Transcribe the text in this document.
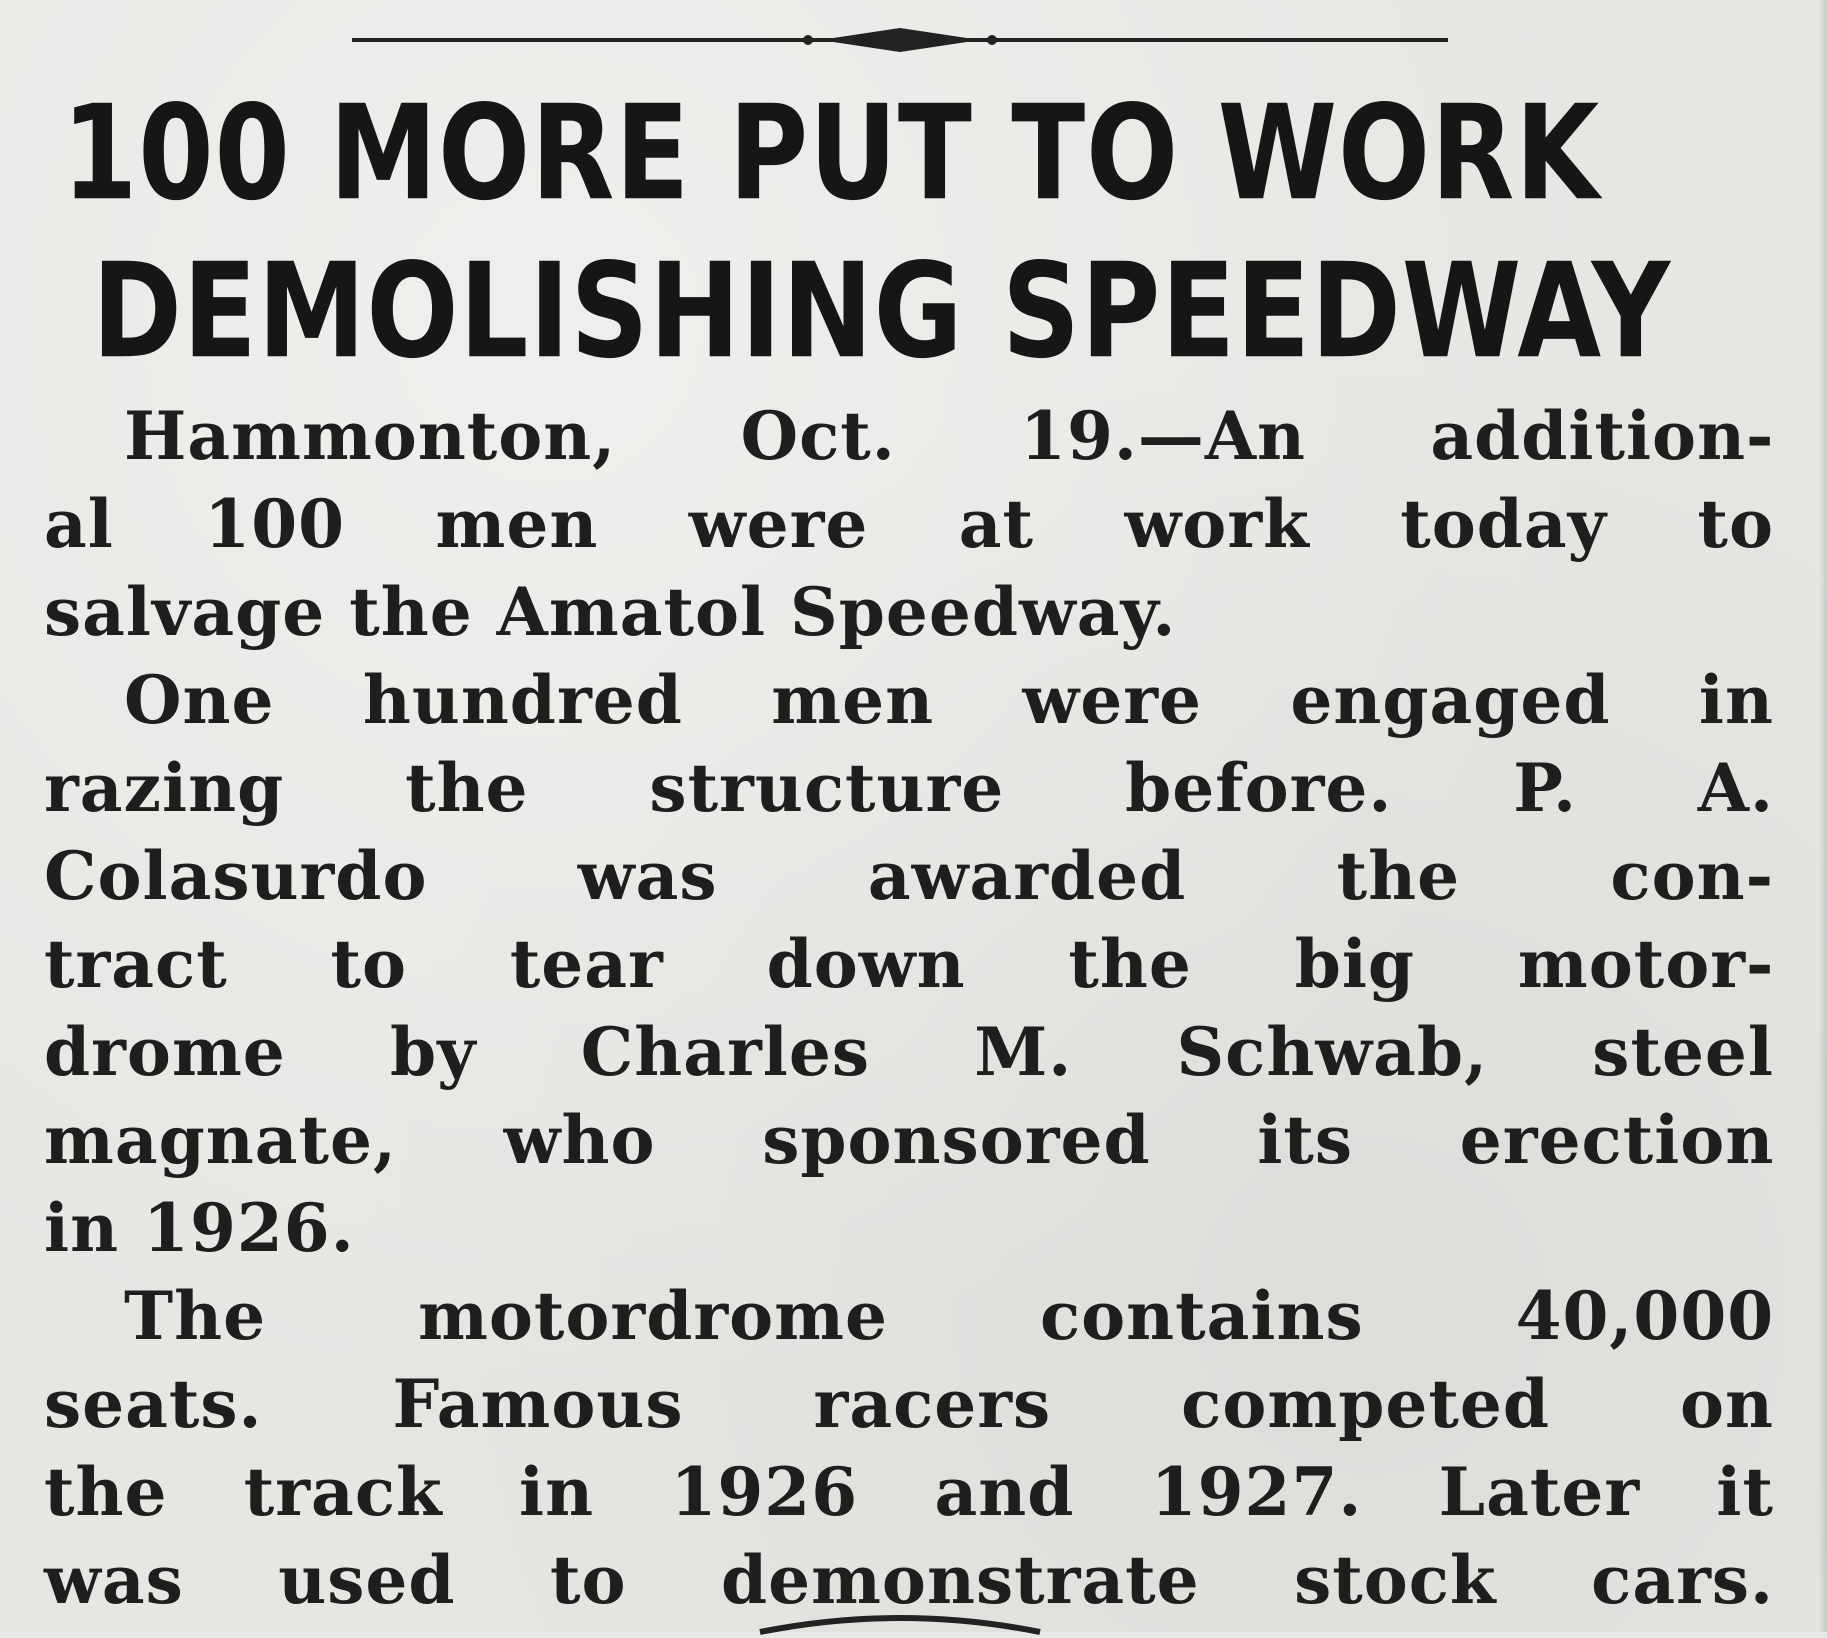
100 MORE PUT TO WORK
DEMOLISHING SPEEDWAY
Hammonton, Oct. 19.—An addition-
al 100 men were at work today to
salvage the Amatol Speedway.
One hundred men were engaged in
razing the structure before. P. A.
Colasurdo was awarded the con-
tract to tear down the big motor-
drome by Charles M. Schwab, steel
magnate, who sponsored its erection
in 1926.
The motordrome contains 40,000
seats. Famous racers competed on
the track in 1926 and 1927. Later it
was used to demonstrate stock cars.
